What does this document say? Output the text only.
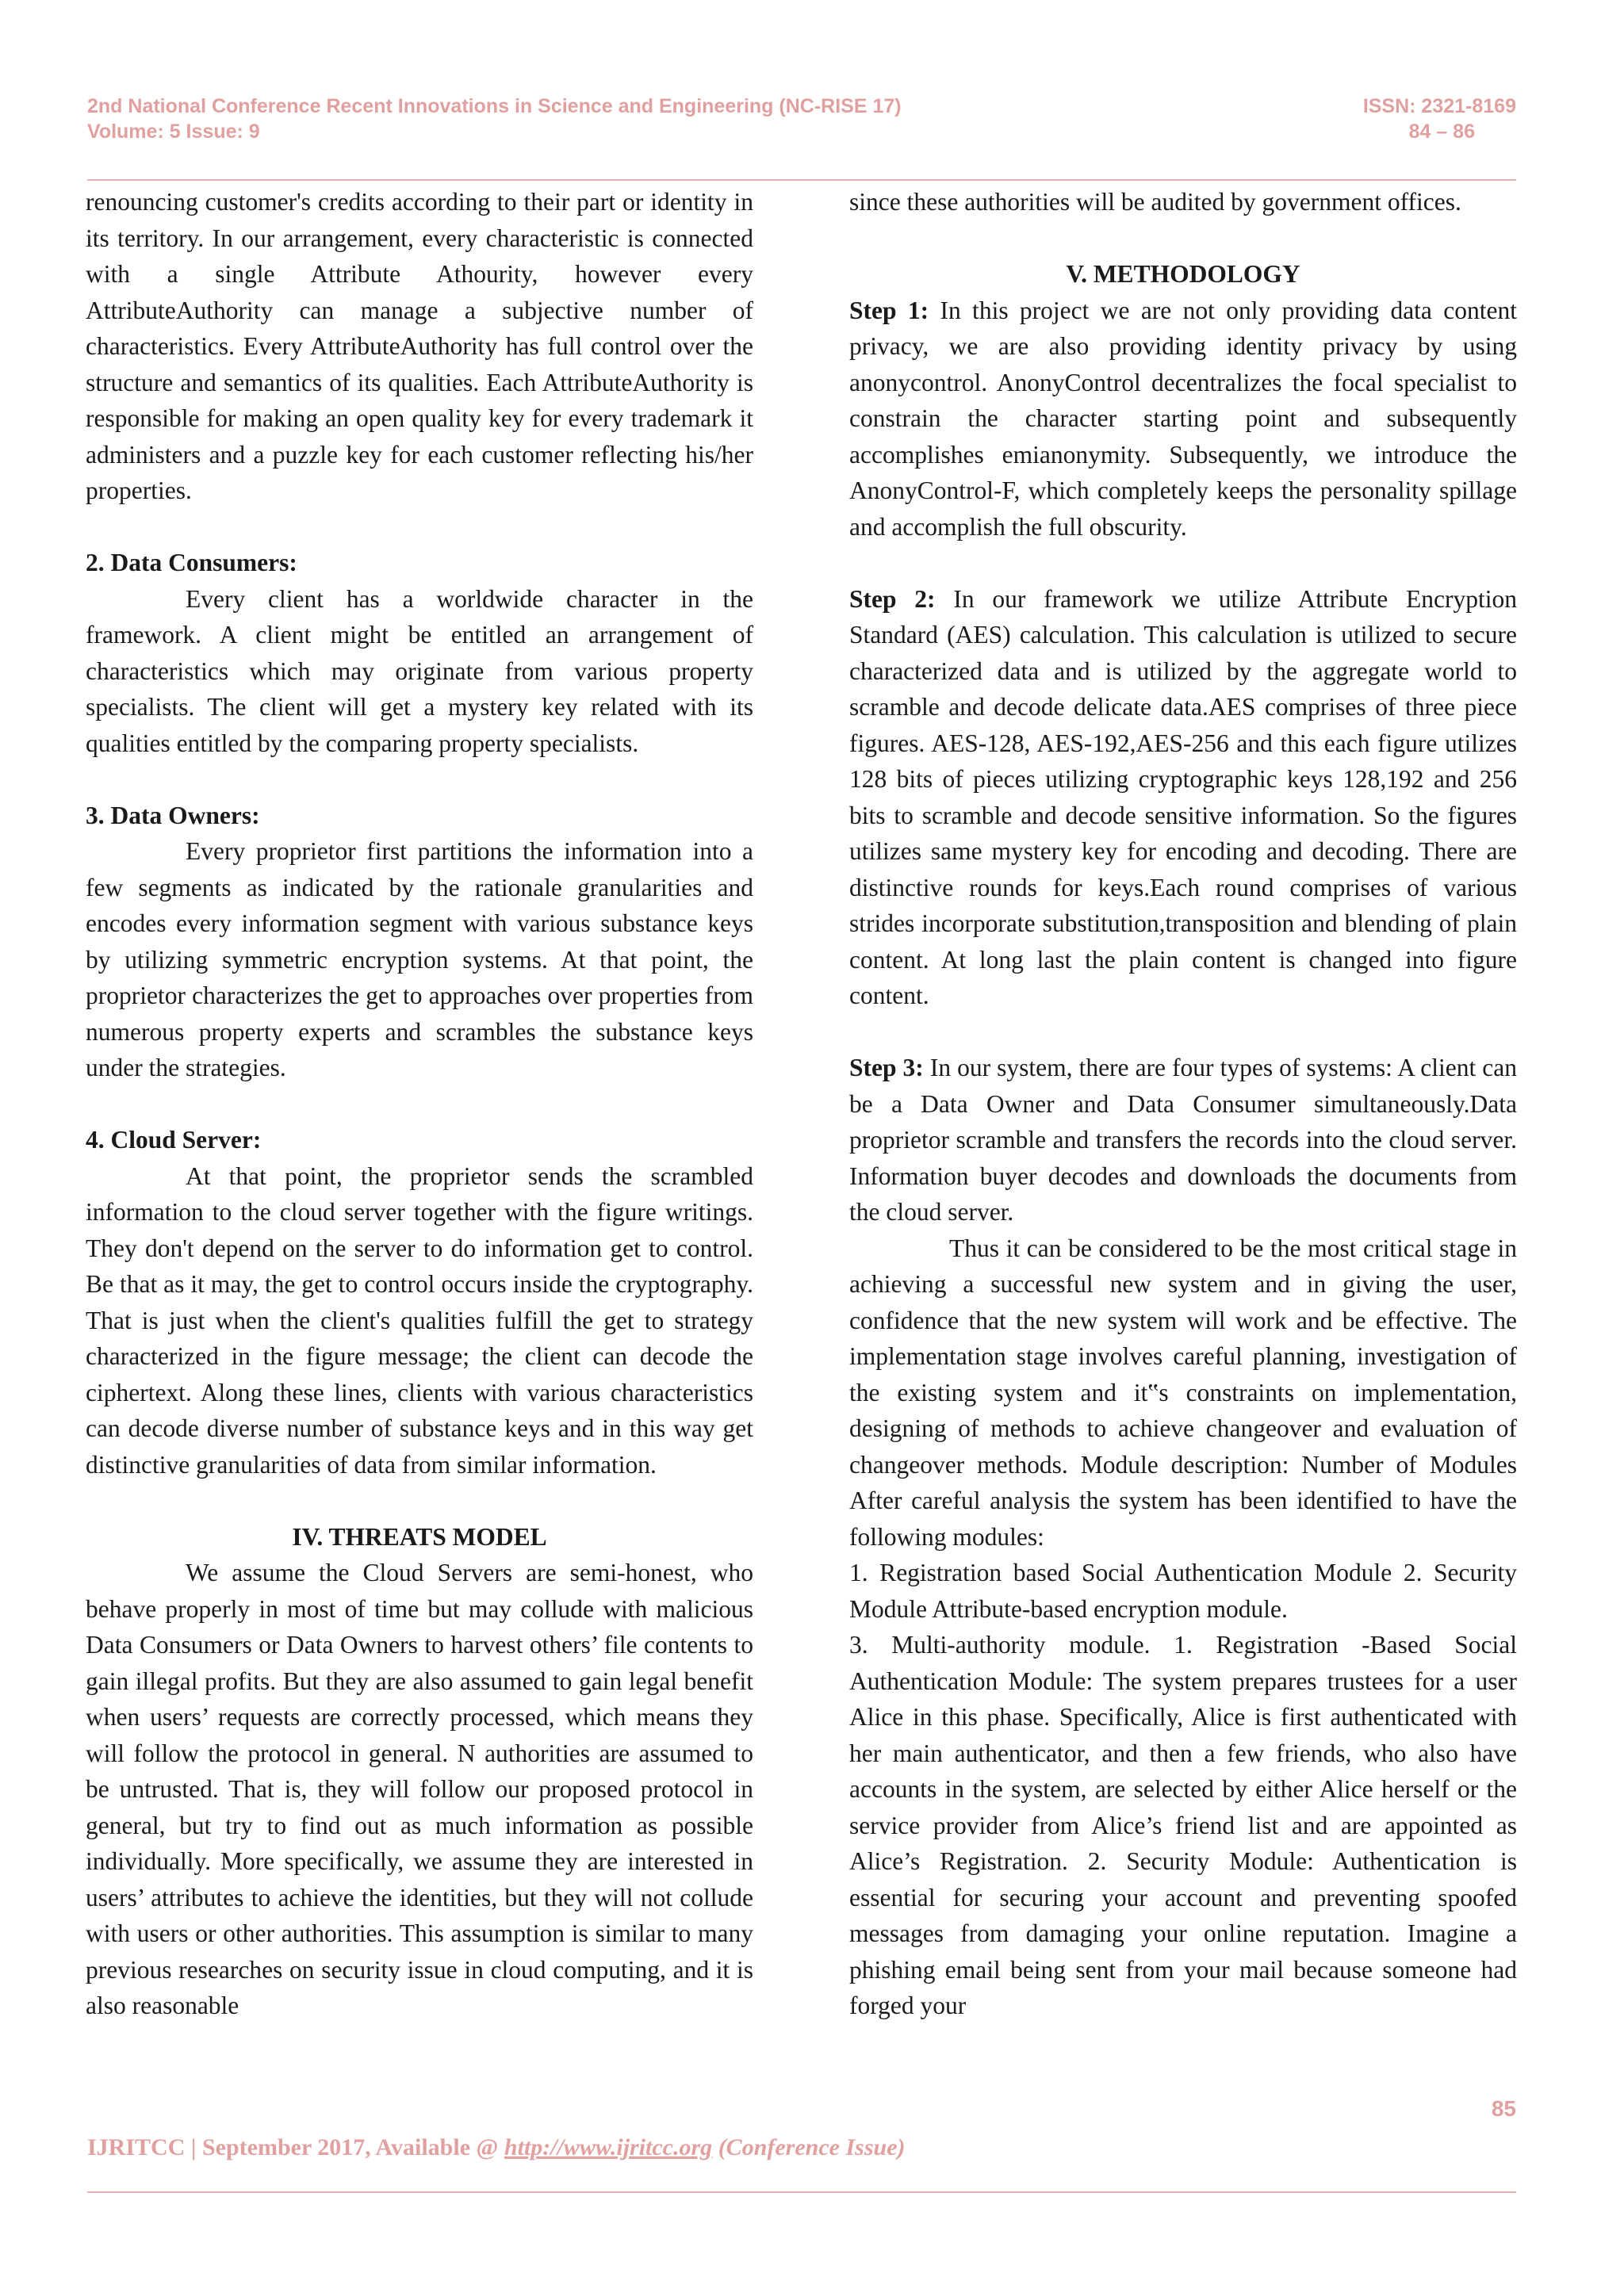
2nd National Conference Recent Innovations in Science and Engineering (NC-RISE 17)
Volume: 5 Issue: 9
ISSN: 2321-8169
84 – 86

renouncing customer's credits according to their part or identity in its territory. In our arrangement, every characteristic is connected with a single Attribute Athourity, however every AttributeAuthority can manage a subjective number of characteristics. Every AttributeAuthority has full control over the structure and semantics of its qualities. Each AttributeAuthority is responsible for making an open quality key for every trademark it administers and a puzzle key for each customer reflecting his/her properties.

2. Data Consumers:

Every client has a worldwide character in the framework. A client might be entitled an arrangement of characteristics which may originate from various property specialists. The client will get a mystery key related with its qualities entitled by the comparing property specialists.

3. Data Owners:

Every proprietor first partitions the information into a few segments as indicated by the rationale granularities and encodes every information segment with various substance keys by utilizing symmetric encryption systems. At that point, the proprietor characterizes the get to approaches over properties from numerous property experts and scrambles the substance keys under the strategies.

4. Cloud Server:

At that point, the proprietor sends the scrambled information to the cloud server together with the figure writings. They don't depend on the server to do information get to control. Be that as it may, the get to control occurs inside the cryptography. That is just when the client's qualities fulfill the get to strategy characterized in the figure message; the client can decode the ciphertext. Along these lines, clients with various characteristics can decode diverse number of substance keys and in this way get distinctive granularities of data from similar information.

IV. THREATS MODEL

We assume the Cloud Servers are semi-honest, who behave properly in most of time but may collude with malicious Data Consumers or Data Owners to harvest others’ file contents to gain illegal profits. But they are also assumed to gain legal benefit when users’ requests are correctly processed, which means they will follow the protocol in general. N authorities are assumed to be untrusted. That is, they will follow our proposed protocol in general, but try to find out as much information as possible individually. More specifically, we assume they are interested in users’ attributes to achieve the identities, but they will not collude with users or other authorities. This assumption is similar to many previous researches on security issue in cloud computing, and it is also reasonable

since these authorities will be audited by government offices.

V. METHODOLOGY

Step 1: In this project we are not only providing data content privacy, we are also providing identity privacy by using anonycontrol. AnonyControl decentralizes the focal specialist to constrain the character starting point and subsequently accomplishes emianonymity. Subsequently, we introduce the AnonyControl-F, which completely keeps the personality spillage and accomplish the full obscurity.

Step 2: In our framework we utilize Attribute Encryption Standard (AES) calculation. This calculation is utilized to secure characterized data and is utilized by the aggregate world to scramble and decode delicate data.AES comprises of three piece figures. AES-128, AES-192,AES-256 and this each figure utilizes 128 bits of pieces utilizing cryptographic keys 128,192 and 256 bits to scramble and decode sensitive information. So the figures utilizes same mystery key for encoding and decoding. There are distinctive rounds for keys.Each round comprises of various strides incorporate substitution,transposition and blending of plain content. At long last the plain content is changed into figure content.

Step 3: In our system, there are four types of systems: A client can be a Data Owner and Data Consumer simultaneously.Data proprietor scramble and transfers the records into the cloud server. Information buyer decodes and downloads the documents from the cloud server.

Thus it can be considered to be the most critical stage in achieving a successful new system and in giving the user, confidence that the new system will work and be effective. The implementation stage involves careful planning, investigation of the existing system and it‟s constraints on implementation, designing of methods to achieve changeover and evaluation of changeover methods. Module description: Number of Modules After careful analysis the system has been identified to have the following modules:

1. Registration based Social Authentication Module 2. Security Module Attribute-based encryption module.

3. Multi-authority module. 1. Registration -Based Social Authentication Module: The system prepares trustees for a user Alice in this phase. Specifically, Alice is first authenticated with her main authenticator, and then a few friends, who also have accounts in the system, are selected by either Alice herself or the service provider from Alice’s friend list and are appointed as Alice’s Registration. 2. Security Module: Authentication is essential for securing your account and preventing spoofed messages from damaging your online reputation. Imagine a phishing email being sent from your mail because someone had forged your

85
IJRITCC | September 2017, Available @ http://www.ijritcc.org (Conference Issue)
